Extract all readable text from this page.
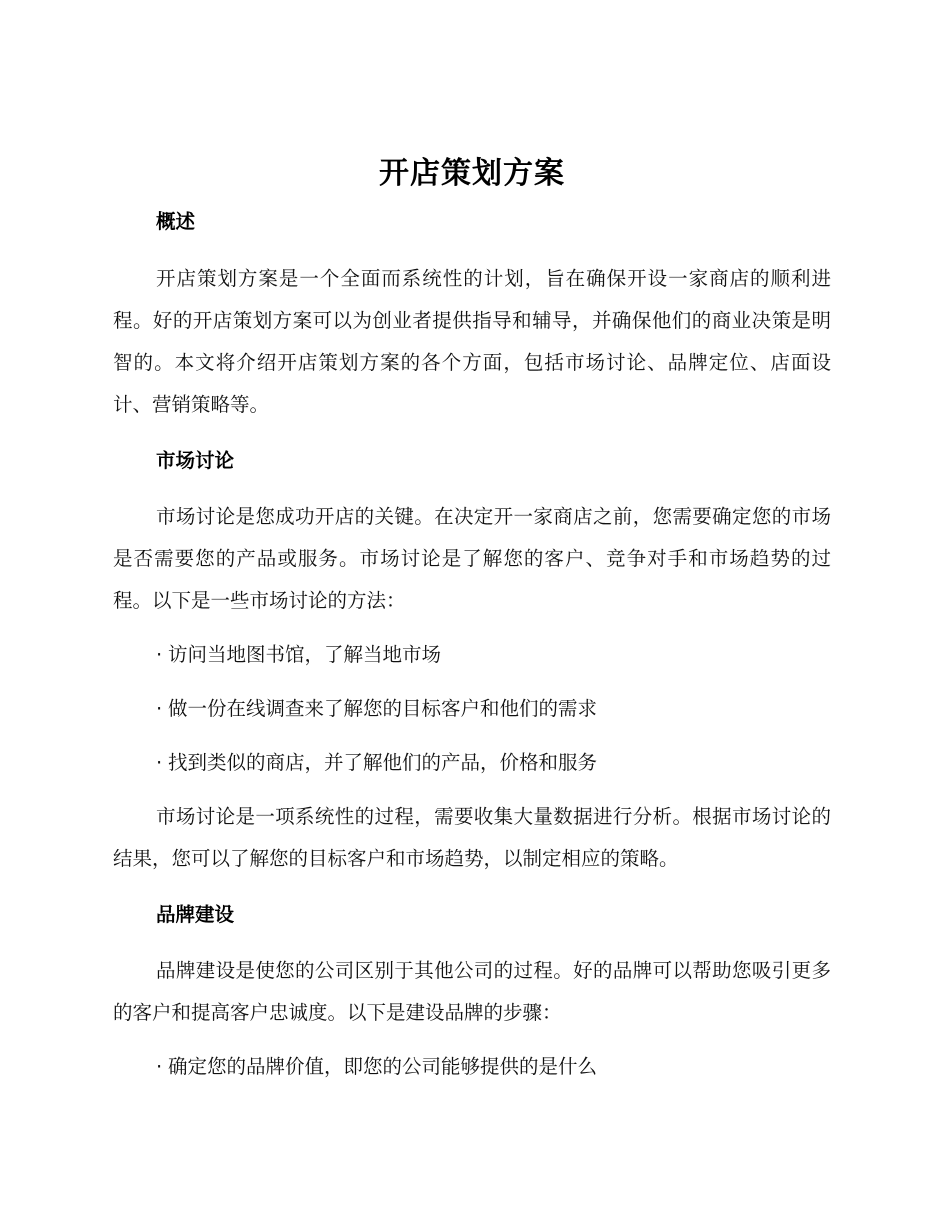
开店策划方案
概述

开店策划方案是一个全面而系统性的计划，旨在确保开设一家商店的顺利进程。好的开店策划方案可以为创业者提供指导和辅导，并确保他们的商业决策是明智的。本文将介绍开店策划方案的各个方面，包括市场讨论、品牌定位、店面设计、营销策略等。

市场讨论

市场讨论是您成功开店的关键。在决定开一家商店之前，您需要确定您的市场是否需要您的产品或服务。市场讨论是了解您的客户、竞争对手和市场趋势的过程。以下是一些市场讨论的方法：

· 访问当地图书馆，了解当地市场
· 做一份在线调查来了解您的目标客户和他们的需求
· 找到类似的商店，并了解他们的产品，价格和服务

市场讨论是一项系统性的过程，需要收集大量数据进行分析。根据市场讨论的结果，您可以了解您的目标客户和市场趋势，以制定相应的策略。

品牌建设

品牌建设是使您的公司区别于其他公司的过程。好的品牌可以帮助您吸引更多的客户和提高客户忠诚度。以下是建设品牌的步骤：

· 确定您的品牌价值，即您的公司能够提供的是什么
